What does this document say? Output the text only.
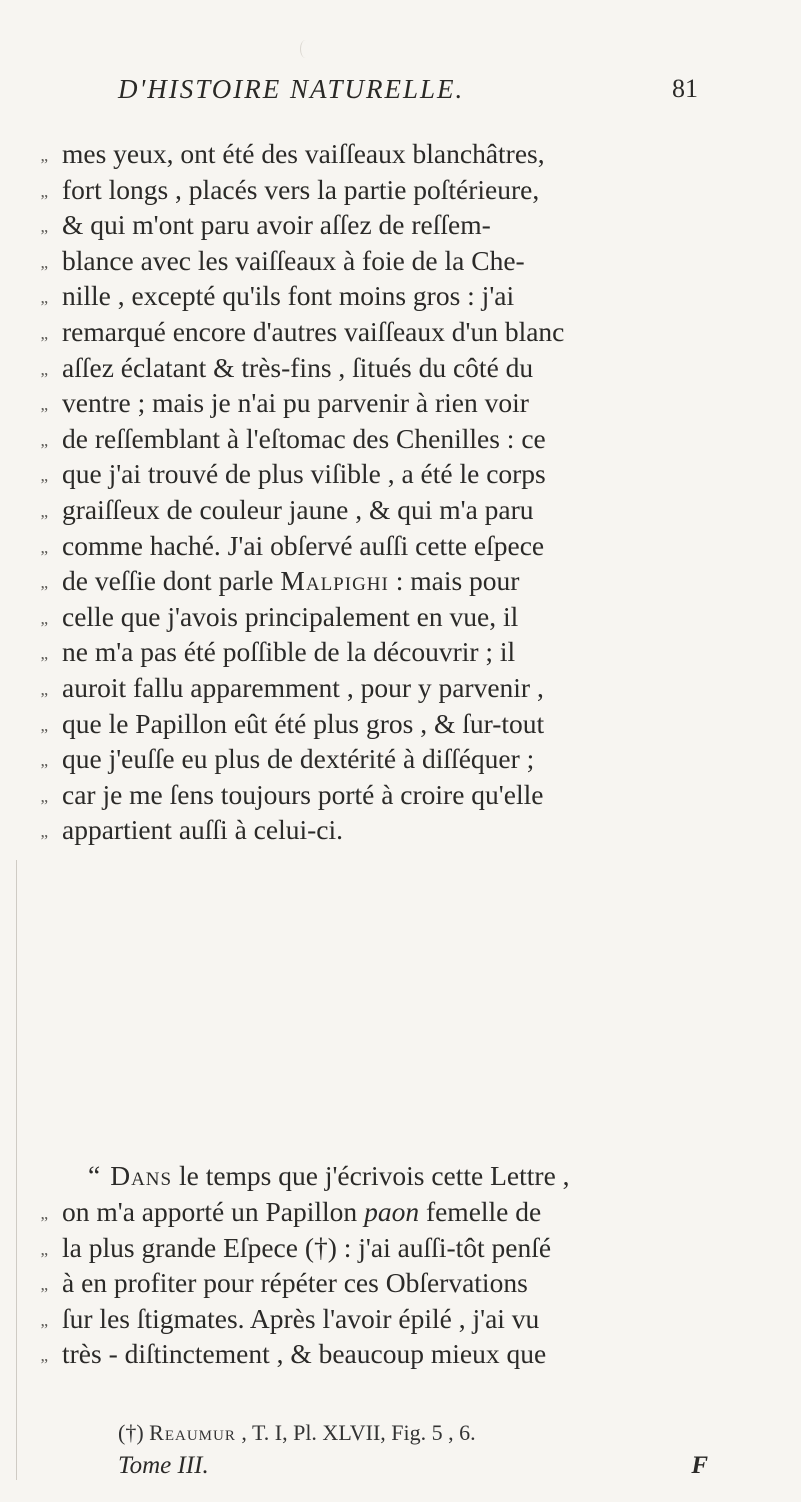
D'HISTOIRE NATURELLE.	81
„ mes yeux, ont été des vaiſſeaux blanchâtres,
„ fort longs , placés vers la partie poſtérieure,
„ & qui m'ont paru avoir aſſez de reſſem-
„ blance avec les vaiſſeaux à foie de la Che-
„ nille , excepté qu'ils font moins gros : j'ai
„ remarqué encore d'autres vaiſſeaux d'un blanc
„ aſſez éclatant & très-fins , ſitués du côté du
„ ventre ; mais je n'ai pu parvenir à rien voir
„ de reſſemblant à l'eſtomac des Chenilles : ce
„ que j'ai trouvé de plus viſible , a été le corps
„ graiſſeux de couleur jaune , & qui m'a paru
„ comme haché. J'ai obſervé auſſi cette eſpece
„ de veſſie dont parle Malpighi : mais pour
„ celle que j'avois principalement en vue, il
„ ne m'a pas été poſſible de la découvrir ; il
„ auroit fallu apparemment , pour y parvenir ,
„ que le Papillon eût été plus gros , & ſur-tout
„ que j'euſſe eu plus de dextérité à diſſéquer ;
„ car je me ſens toujours porté à croire qu'elle
„ appartient auſſi à celui-ci.
“ Dans le temps que j'écrivois cette Lettre ,
„ on m'a apporté un Papillon paon femelle de
„ la plus grande Eſpece (†) : j'ai auſſi-tôt penſé
„ à en profiter pour répéter ces Obſervations
„ ſur les ſtigmates. Après l'avoir épilé , j'ai vu
„ très - diſtinctement , & beaucoup mieux que
(†) Reaumur , T. I, Pl. XLVII, Fig. 5 , 6.
Tome III.	F
